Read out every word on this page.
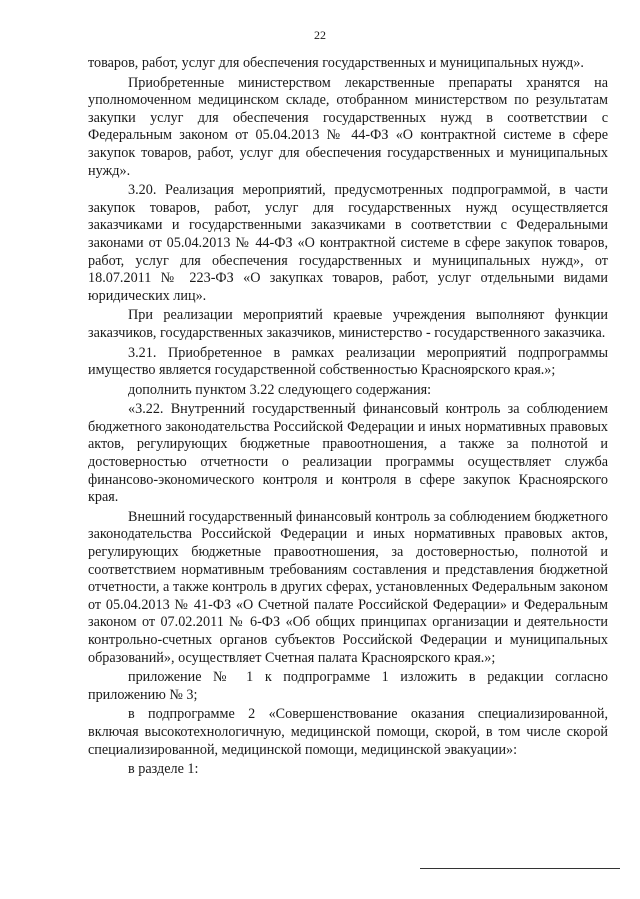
22

товаров, работ, услуг для обеспечения государственных и муниципальных нужд».

Приобретенные министерством лекарственные препараты хранятся на уполномоченном медицинском складе, отобранном министерством по результатам закупки услуг для обеспечения государственных нужд в соответствии с Федеральным законом от 05.04.2013 № 44-ФЗ «О контрактной системе в сфере закупок товаров, работ, услуг для обеспечения государственных и муниципальных нужд».

3.20. Реализация мероприятий, предусмотренных подпрограммой, в части закупок товаров, работ, услуг для государственных нужд осуществляется заказчиками и государственными заказчиками в соответствии с Федеральными законами от 05.04.2013 № 44-ФЗ «О контрактной системе в сфере закупок товаров, работ, услуг для обеспечения государственных и муниципальных нужд», от 18.07.2011 № 223-ФЗ «О закупках товаров, работ, услуг отдельными видами юридических лиц».

При реализации мероприятий краевые учреждения выполняют функции заказчиков, государственных заказчиков, министерство - государственного заказчика.

3.21. Приобретенное в рамках реализации мероприятий подпрограммы имущество является государственной собственностью Красноярского края.»;

дополнить пунктом 3.22 следующего содержания:

«3.22. Внутренний государственный финансовый контроль за соблюдением бюджетного законодательства Российской Федерации и иных нормативных правовых актов, регулирующих бюджетные правоотношения, а также за полнотой и достоверностью отчетности о реализации программы осуществляет служба финансово-экономического контроля и контроля в сфере закупок Красноярского края.

Внешний государственный финансовый контроль за соблюдением бюджетного законодательства Российской Федерации и иных нормативных правовых актов, регулирующих бюджетные правоотношения, за достоверностью, полнотой и соответствием нормативным требованиям составления и представления бюджетной отчетности, а также контроль в других сферах, установленных Федеральным законом от 05.04.2013 № 41-ФЗ «О Счетной палате Российской Федерации» и Федеральным законом от 07.02.2011 № 6-ФЗ «Об общих принципах организации и деятельности контрольно-счетных органов субъектов Российской Федерации и муниципальных образований», осуществляет Счетная палата Красноярского края.»;

приложение № 1 к подпрограмме 1 изложить в редакции согласно приложению № 3;

в подпрограмме 2 «Совершенствование оказания специализированной, включая высокотехнологичную, медицинской помощи, скорой, в том числе скорой специализированной, медицинской помощи, медицинской эвакуации»:

в разделе 1:
